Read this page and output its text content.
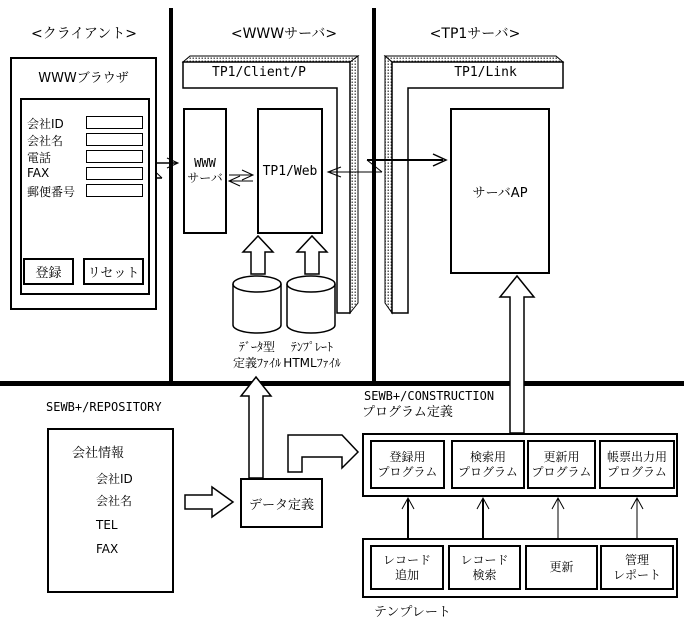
<クライアント>	<WWWサーバ>	<TP1サーバ>
WWWブラウザ
会社ID
会社名
電話
FAX
郵便番号
登録	リセット
TP1/Client/P
WWW
サーバ	TP1/Web
ﾃﾞｰﾀ型
定義ﾌｧｲﾙ
ﾃﾝﾌﾟﾚｰﾄ
HTMLﾌｧｲﾙ
TP1/Link
サーバAP
SEWB+/REPOSITORY
会社情報
会社ID
会社名
TEL
FAX
データ定義
SEWB+/CONSTRUCTION
プログラム定義
登録用
プログラム
検索用
プログラム
更新用
プログラム
帳票出力用
プログラム
レコード
追加
レコード
検索
更新
管理
レポート
テンプレート
